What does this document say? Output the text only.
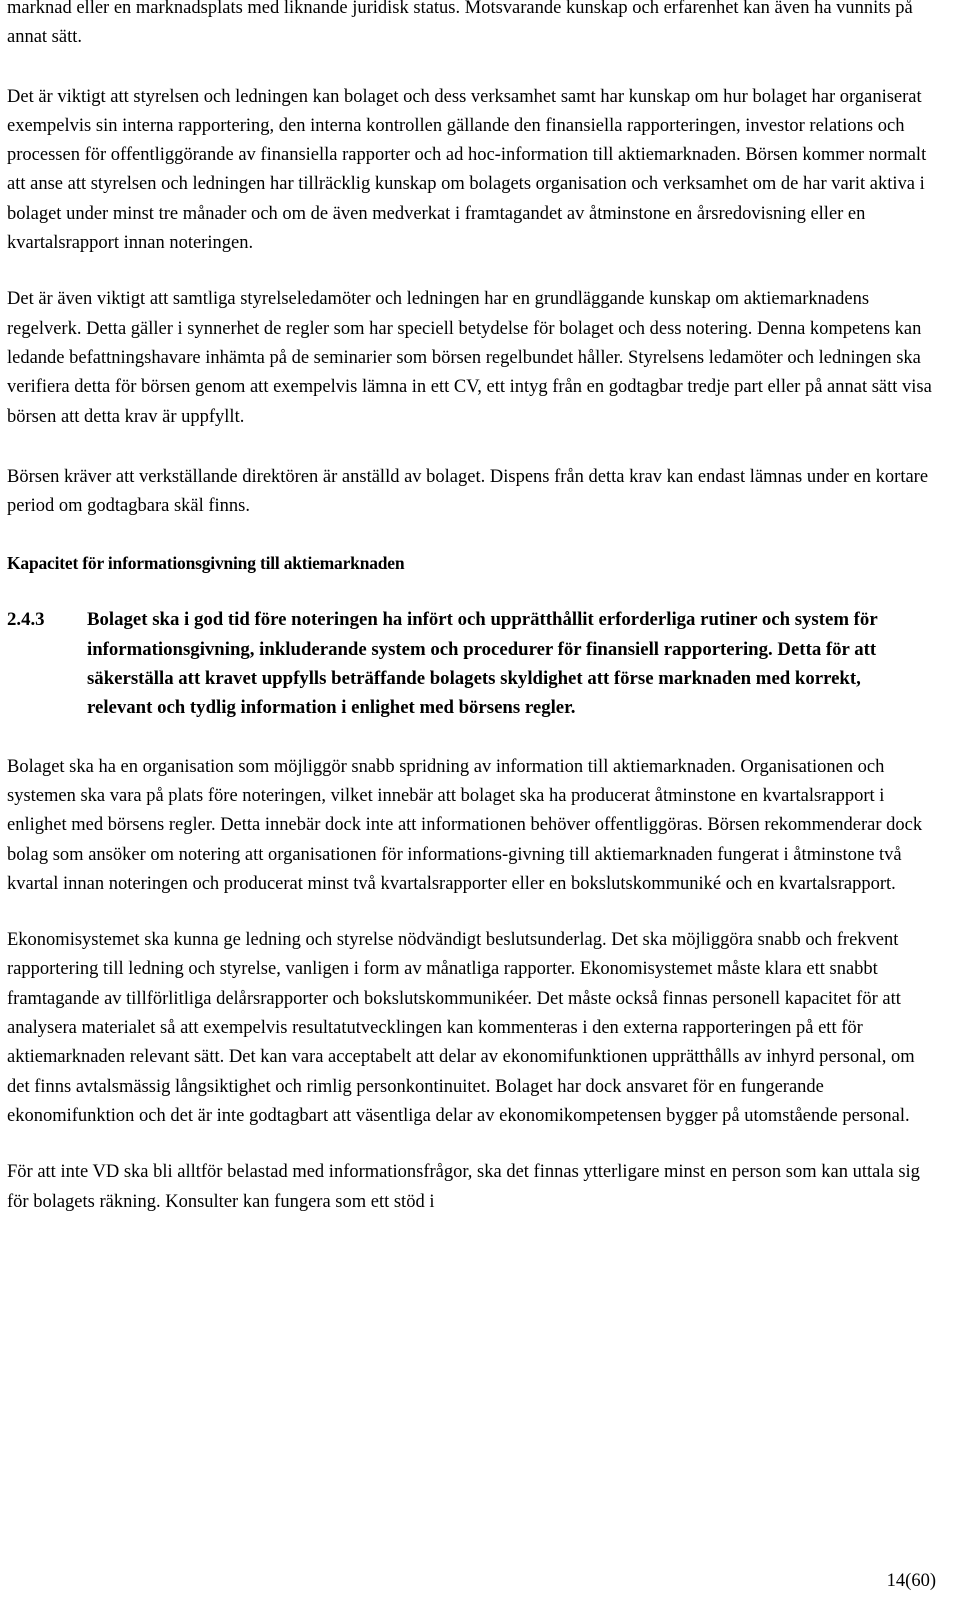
marknad eller en marknadsplats med liknande juridisk status. Motsvarande kunskap och erfarenhet kan även ha vunnits på annat sätt.

Det är viktigt att styrelsen och ledningen kan bolaget och dess verksamhet samt har kunskap om hur bolaget har organiserat exempelvis sin interna rapportering, den interna kontrollen gällande den finansiella rapporteringen, investor relations och processen för offentliggörande av finansiella rapporter och ad hoc-information till aktiemarknaden. Börsen kommer normalt att anse att styrelsen och ledningen har tillräcklig kunskap om bolagets organisation och verksamhet om de har varit aktiva i bolaget under minst tre månader och om de även medverkat i framtagandet av åtminstone en årsredovisning eller en kvartalsrapport innan noteringen.

Det är även viktigt att samtliga styrelseledamöter och ledningen har en grundläggande kunskap om aktiemarknadens regelverk. Detta gäller i synnerhet de regler som har speciell betydelse för bolaget och dess notering. Denna kompetens kan ledande befattningshavare inhämta på de seminarier som börsen regelbundet håller. Styrelsens ledamöter och ledningen ska verifiera detta för börsen genom att exempelvis lämna in ett CV, ett intyg från en godtagbar tredje part eller på annat sätt visa börsen att detta krav är uppfyllt.

Börsen kräver att verkställande direktören är anställd av bolaget. Dispens från detta krav kan endast lämnas under en kortare period om godtagbara skäl finns.

Kapacitet för informationsgivning till aktiemarknaden
2.4.3	Bolaget ska i god tid före noteringen ha infört och upprätthållit erforderliga rutiner och system för informationsgivning, inkluderande system och procedurer för finansiell rapportering. Detta för att säkerställa att kravet uppfylls beträffande bolagets skyldighet att förse marknaden med korrekt, relevant och tydlig information i enlighet med börsens regler.

Bolaget ska ha en organisation som möjliggör snabb spridning av information till aktiemarknaden. Organisationen och systemen ska vara på plats före noteringen, vilket innebär att bolaget ska ha producerat åtminstone en kvartalsrapport i enlighet med börsens regler. Detta innebär dock inte att informationen behöver offentliggöras. Börsen rekommenderar dock bolag som ansöker om notering att organisationen för informations-givning till aktiemarknaden fungerat i åtminstone två kvartal innan noteringen och producerat minst två kvartalsrapporter eller en bokslutskommuniké och en kvartalsrapport.

Ekonomisystemet ska kunna ge ledning och styrelse nödvändigt beslutsunderlag. Det ska möjliggöra snabb och frekvent rapportering till ledning och styrelse, vanligen i form av månatliga rapporter. Ekonomisystemet måste klara ett snabbt framtagande av tillförlitliga delårsrapporter och bokslutskommunikéer. Det måste också finnas personell kapacitet för att analysera materialet så att exempelvis resultatutvecklingen kan kommenteras i den externa rapporteringen på ett för aktiemarknaden relevant sätt. Det kan vara acceptabelt att delar av ekonomifunktionen upprätthålls av inhyrd personal, om det finns avtalsmässig långsiktighet och rimlig personkontinuitet. Bolaget har dock ansvaret för en fungerande ekonomifunktion och det är inte godtagbart att väsentliga delar av ekonomikompetensen bygger på utomstående personal.

För att inte VD ska bli alltför belastad med informationsfrågor, ska det finnas ytterligare minst en person som kan uttala sig för bolagets räkning. Konsulter kan fungera som ett stöd i

14(60)
